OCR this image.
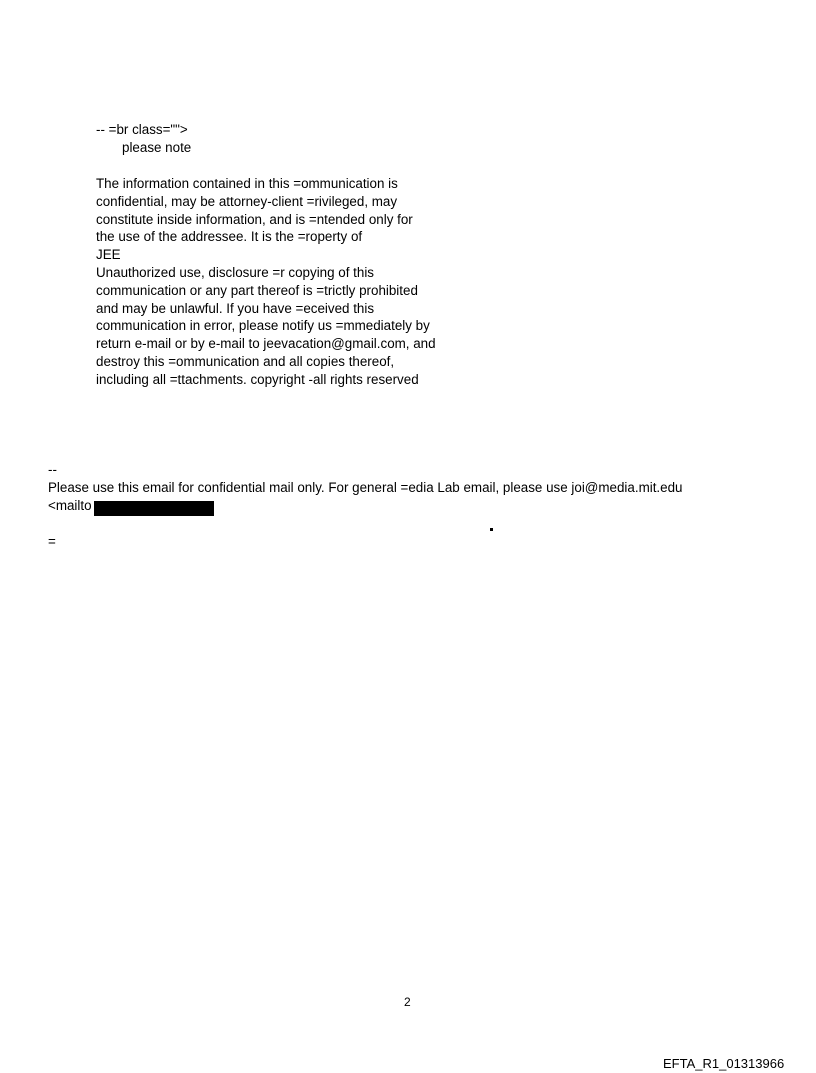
-- =br class="">
please note
The information contained in this =ommunication is
confidential, may be attorney-client =rivileged, may
constitute inside information, and is =ntended only for
the use of the addressee. It is the =roperty of
JEE
Unauthorized use, disclosure =r copying of this
communication or any part thereof is =trictly prohibited
and may be unlawful. If you have =eceived this
communication in error, please notify us =mmediately by
return e-mail or by e-mail to jeevacation@gmail.com, and
destroy this =ommunication and all copies thereof,
including all =ttachments. copyright -all rights reserved
--
Please use this email for confidential mail only. For general =edia Lab email, please use joi@media.mit.edu
<mailto
=
2
EFTA_R1_01313966
